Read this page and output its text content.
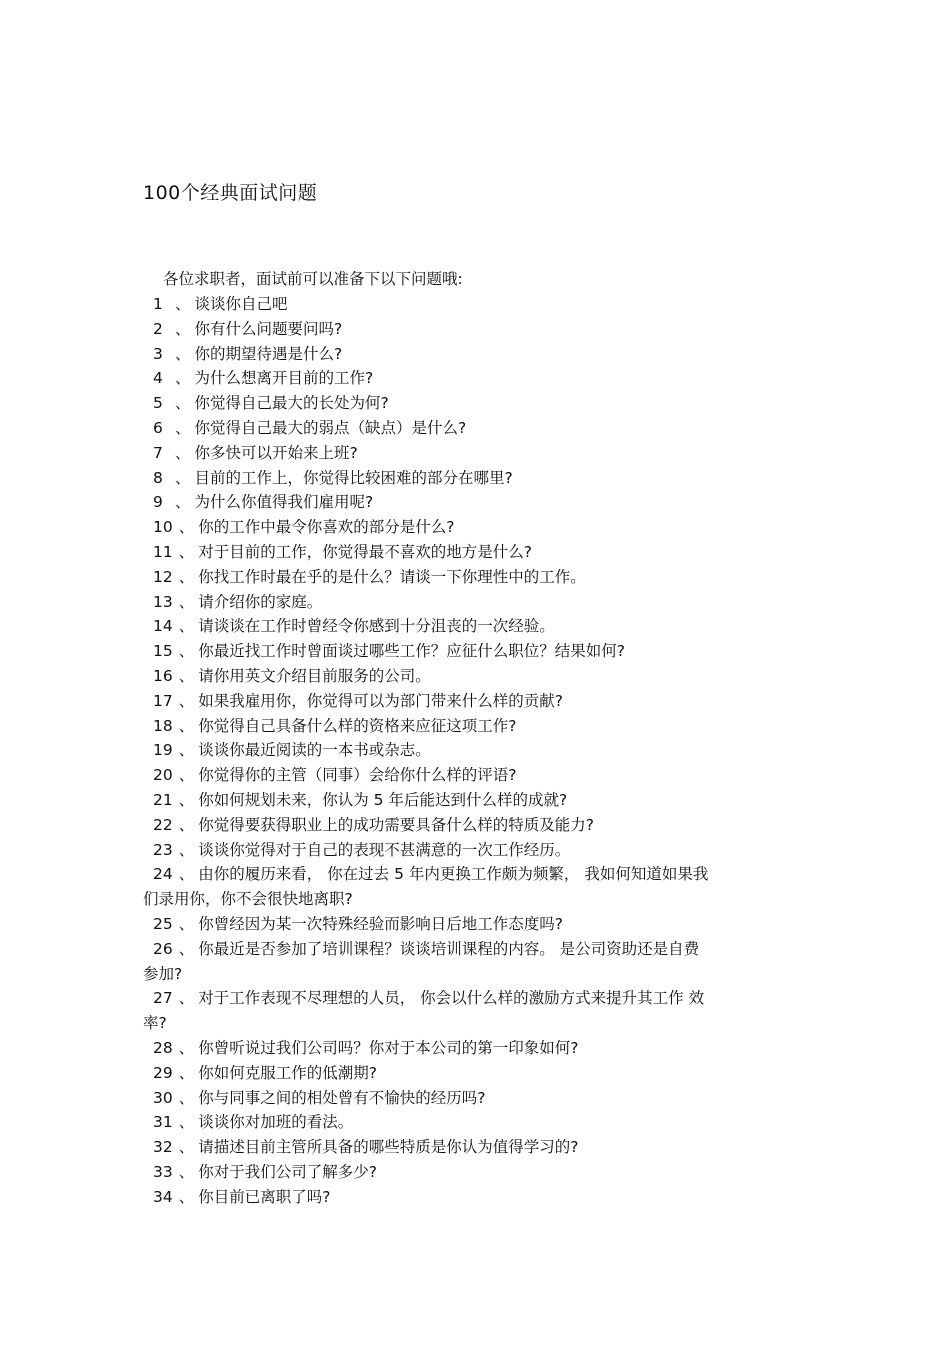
100个经典面试问题
各位求职者，面试前可以准备下以下问题哦:
1 、 谈谈你自己吧
2 、 你有什么问题要问吗?
3 、 你的期望待遇是什么?
4 、 为什么想离开目前的工作?
5 、 你觉得自己最大的长处为何?
6 、 你觉得自己最大的弱点（缺点）是什么?
7 、 你多快可以开始来上班?
8 、 目前的工作上，你觉得比较困难的部分在哪里?
9 、 为什么你值得我们雇用呢?
10 、 你的工作中最令你喜欢的部分是什么?
11 、 对于目前的工作，你觉得最不喜欢的地方是什么?
12 、 你找工作时最在乎的是什么？请谈一下你理性中的工作。
13 、 请介绍你的家庭。
14 、 请谈谈在工作时曾经令你感到十分沮丧的一次经验。
15 、 你最近找工作时曾面谈过哪些工作？应征什么职位？结果如何?
16 、 请你用英文介绍目前服务的公司。
17 、 如果我雇用你，你觉得可以为部门带来什么样的贡献?
18 、 你觉得自己具备什么样的资格来应征这项工作?
19 、 谈谈你最近阅读的一本书或杂志。
20 、 你觉得你的主管（同事）会给你什么样的评语?
21 、 你如何规划未来，你认为 5 年后能达到什么样的成就?
22 、 你觉得要获得职业上的成功需要具备什么样的特质及能力?
23 、 谈谈你觉得对于自己的表现不甚满意的一次工作经历。
24 、 由你的履历来看， 你在过去 5 年内更换工作颇为频繁， 我如何知道如果我
们录用你，你不会很快地离职?
25 、 你曾经因为某一次特殊经验而影响日后地工作态度吗?
26 、 你最近是否参加了培训课程？谈谈培训课程的内容。 是公司资助还是自费
参加?
27 、 对于工作表现不尽理想的人员， 你会以什么样的激励方式来提升其工作 效
率?
28 、 你曾听说过我们公司吗？你对于本公司的第一印象如何?
29 、 你如何克服工作的低潮期?
30 、 你与同事之间的相处曾有不愉快的经历吗?
31 、 谈谈你对加班的看法。
32 、 请描述目前主管所具备的哪些特质是你认为值得学习的?
33 、 你对于我们公司了解多少?
34 、 你目前已离职了吗?
